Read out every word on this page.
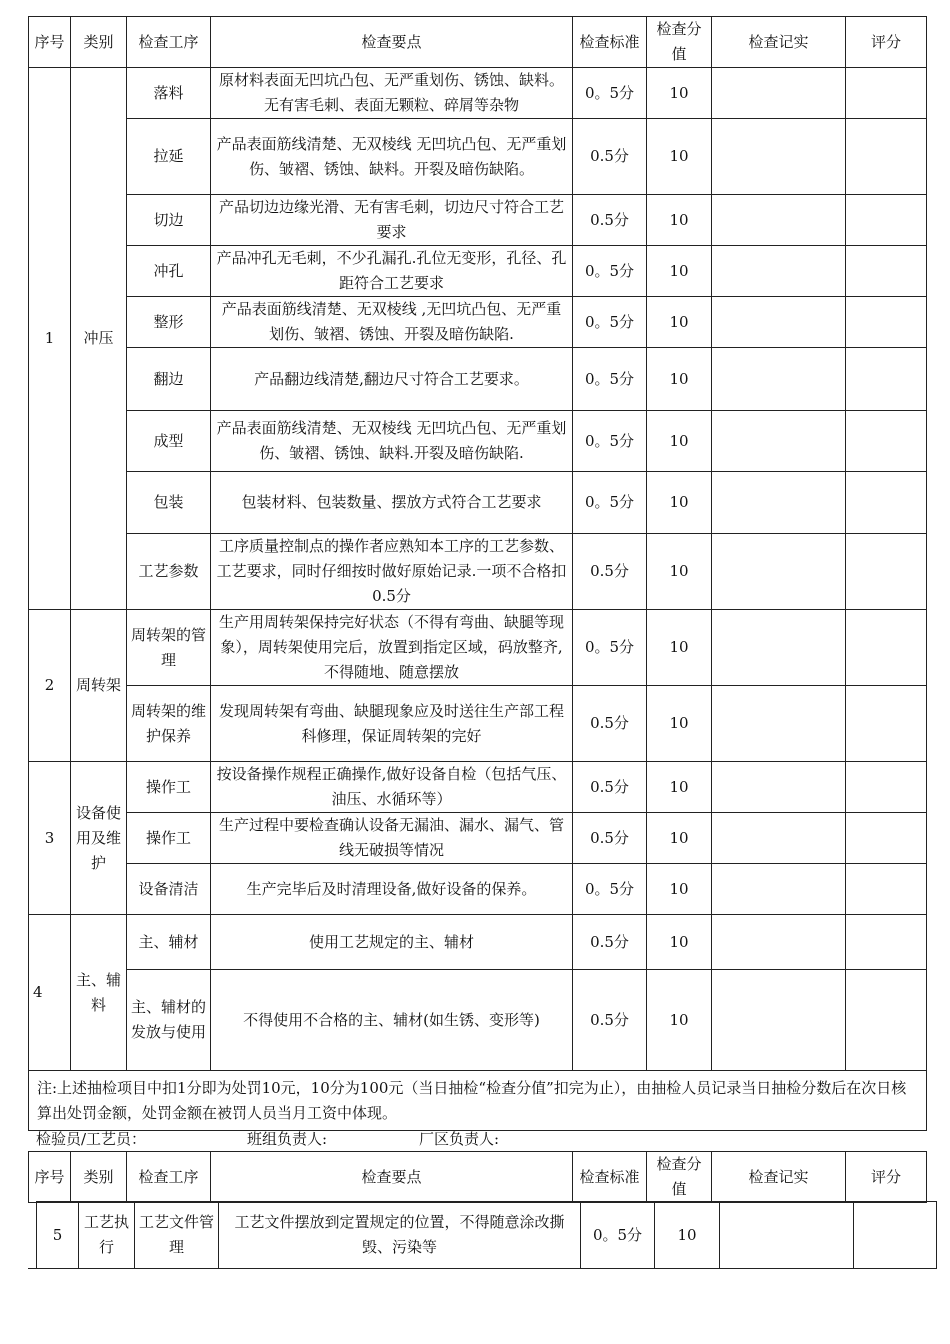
序号	类别	检查工序	检查要点	检查标准	检查分值	检查记实	评分
1	冲压	落料	原材料表面无凹坑凸包、无严重划伤、锈蚀、缺料。无有害毛刺、表面无颗粒、碎屑等杂物	0。5分	10		
		拉延	产品表面筋线清楚、无双棱线 无凹坑凸包、无严重划伤、皱褶、锈蚀、缺料。开裂及暗伤缺陷。	0.5分	10		
		切边	产品切边边缘光滑、无有害毛刺，切边尺寸符合工艺要求	0.5分	10		
		冲孔	产品冲孔无毛刺，不少孔漏孔.孔位无变形，孔径、孔距符合工艺要求	0。5分	10		
		整形	产品表面筋线清楚、无双棱线 ,无凹坑凸包、无严重划伤、皱褶、锈蚀、开裂及暗伤缺陷.	0。5分	10		
		翻边	产品翻边线清楚,翻边尺寸符合工艺要求。	0。5分	10		
		成型	产品表面筋线清楚、无双棱线 无凹坑凸包、无严重划伤、皱褶、锈蚀、缺料.开裂及暗伤缺陷.	0。5分	10		
		包装	包装材料、包装数量、摆放方式符合工艺要求	0。5分	10		
		工艺参数	工序质量控制点的操作者应熟知本工序的工艺参数、工艺要求，同时仔细按时做好原始记录.一项不合格扣0.5分	0.5分	10		
2	周转架	周转架的管理	生产用周转架保持完好状态（不得有弯曲、缺腿等现象），周转架使用完后，放置到指定区域，码放整齐,不得随地、随意摆放	0。5分	10		
		周转架的维护保养	发现周转架有弯曲、缺腿现象应及时送往生产部工程科修理，保证周转架的完好	0.5分	10		
3	设备使用及维护	操作工	按设备操作规程正确操作,做好设备自检（包括气压、油压、水循环等）	0.5分	10		
		操作工	生产过程中要检查确认设备无漏油、漏水、漏气、管线无破损等情况	0.5分	10		
		设备清洁	生产完毕后及时清理设备,做好设备的保养。	0。5分	10		
4	主、辅料	主、辅材	使用工艺规定的主、辅材	0.5分	10		
		主、辅材的发放与使用	不得使用不合格的主、辅材(如生锈、变形等)	0.5分	10		
注:上述抽检项目中扣1分即为处罚10元，10分为100元（当日抽检“检查分值”扣完为止），由抽检人员记录当日抽检分数后在次日核算出处罚金额，处罚金额在被罚人员当月工资中体现。							
检验员/工艺员：	班组负责人:	厂区负责人:
序号	类别	检查工序	检查要点	检查标准	检查分值	检查记实	评分
5	工艺执行	工艺文件管理	工艺文件摆放到定置规定的位置，不得随意涂改撕毁、污染等	0。5分	10		
